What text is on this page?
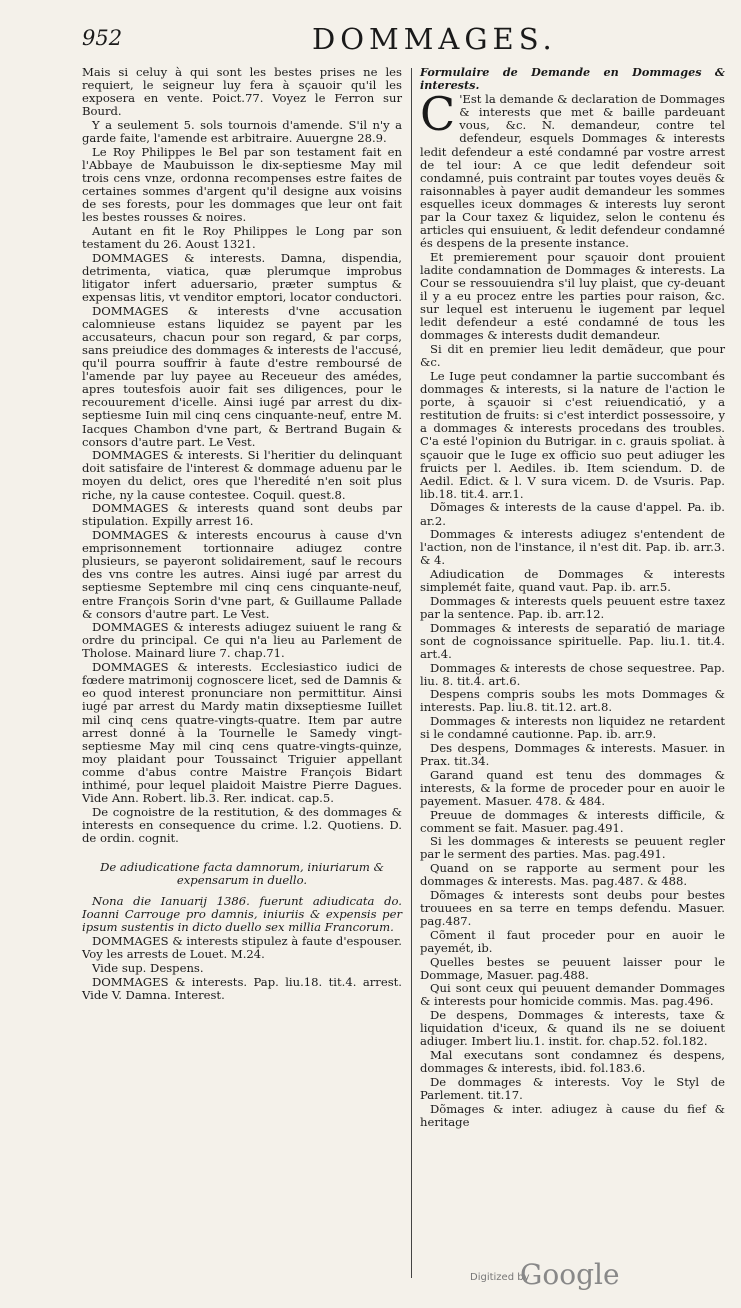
952	DOMMAGES.

Mais si celuy à qui sont les bestes prises ne les requiert, le seigneur luy fera à sçauoir qu'il les exposera en vente. Poict.77. Voyez le Ferron sur Bourd.

Y a seulement 5. sols tournois d'amende. S'il n'y a garde faite, l'amende est arbitraire. Auuergne 28.9.

Le Roy Philippes le Bel par son testament fait en l'Abbaye de Maubuisson le dix-septiesme May mil trois cens vnze, ordonna recompenses estre faites de certaines sommes d'argent qu'il designe aux voisins de ses forests, pour les dommages que leur ont fait les bestes rousses & noires.

Autant en fit le Roy Philippes le Long par son testament du 26. Aoust 1321.

DOMMAGES & interests. Damna, dispendia, detrimenta, viatica, quæ plerumque improbus litigator infert aduersario, præter sumptus & expensas litis, vt venditor emptori, locator conductori.

DOMMAGES & interests d'vne accusation calomnieuse estans liquidez se payent par les accusateurs, chacun pour son regard, & par corps, sans preiudice des dommages & interests de l'accusé, qu'il pourra souffrir à faute d'estre remboursé de l'amende par luy payee au Receueur des amédes, apres toutesfois auoir fait ses diligences, pour le recouurement d'icelle. Ainsi iugé par arrest du dix-septiesme Iuin mil cinq cens cinquante-neuf, entre M. Iacques Chambon d'vne part, & Bertrand Bugain & consors d'autre part. Le Vest.

DOMMAGES & interests. Si l'heritier du delinquant doit satisfaire de l'interest & dommage aduenu par le moyen du delict, ores que l'heredité n'en soit plus riche, ny la cause contestee. Coquil. quest.8.

DOMMAGES & interests quand sont deubs par stipulation. Expilly arrest 16.

DOMMAGES & interests encourus à cause d'vn emprisonnement tortionnaire adiugez contre plusieurs, se payeront solidairement, sauf le recours des vns contre les autres. Ainsi iugé par arrest du septiesme Septembre mil cinq cens cinquante-neuf, entre François Sorin d'vne part, & Guillaume Pallade & consors d'autre part. Le Vest.

DOMMAGES & interests adiugez suiuent le rang & ordre du principal. Ce qui n'a lieu au Parlement de Tholose. Mainard liure 7. chap.71.

DOMMAGES & interests. Ecclesiastico iudici de fœdere matrimonij cognoscere licet, sed de Damnis & eo quod interest pronunciare non permittitur. Ainsi iugé par arrest du Mardy matin dixseptiesme Iuillet mil cinq cens quatre-vingts-quatre. Item par autre arrest donné à la Tournelle le Samedy vingt-septiesme May mil cinq cens quatre-vingts-quinze, moy plaidant pour Toussainct Triguier appellant comme d'abus contre Maistre François Bidart inthimé, pour lequel plaidoit Maistre Pierre Dagues. Vide Ann. Robert. lib.3. Rer. indicat. cap.5.

De cognoistre de la restitution, & des dommages & interests en consequence du crime. l.2. Quotiens. D. de ordin. cognit.

De adiudicatione facta damnorum, iniuriarum & expensarum in duello.

Nona die Ianuarij 1386. fuerunt adiudicata do. Ioanni Carrouge pro damnis, iniuriis & expensis per ipsum sustentis in dicto duello sex millia Francorum.

DOMMAGES & interests stipulez à faute d'espouser. Voy les arrests de Louet. M.24.

Vide sup. Despens.

DOMMAGES & interests. Pap. liu.18. tit.4. arrest. Vide V. Damna. Interest.

Formulaire de Demande en Dommages & interests.

C 'Est la demande & declaration de Dommages & interests que met & baille pardeuant vous, &c. N. demandeur, contre tel defendeur, esquels Dommages & interests ledit defendeur a esté condamné par vostre arrest de tel iour: A ce que ledit defendeur soit condamné, puis contraint par toutes voyes deuës & raisonnables à payer audit demandeur les sommes esquelles iceux dommages & interests luy seront par la Cour taxez & liquidez, selon le contenu és articles qui ensuiuent, & ledit defendeur condamné és despens de la presente instance.

Et premierement pour sçauoir dont prouient ladite condamnation de Dommages & interests. La Cour se ressouuiendra s'il luy plaist, que cy-deuant il y a eu procez entre les parties pour raison, &c. sur lequel est interuenu le iugement par lequel ledit defendeur a esté condamné de tous les dommages & interests dudit demandeur.

Si dit en premier lieu ledit demãdeur, que pour &c.

Le Iuge peut condamner la partie succombant és dommages & interests, si la nature de l'action le porte, à sçauoir si c'est reiuendicatió, y a restitution de fruits: si c'est interdict possessoire, y a dommages & interests procedans des troubles. C'a esté l'opinion du Butrigar. in c. grauis spoliat. à sçauoir que le Iuge ex officio suo peut adiuger les fruicts per l. Aediles. ib. Item sciendum. D. de Aedil. Edict. & l. V sura vicem. D. de Vsuris. Pap. lib.18. tit.4. arr.1.

Dõmages & interests de la cause d'appel. Pa. ib. ar.2.

Dommages & interests adiugez s'entendent de l'action, non de l'instance, il n'est dit. Pap. ib. arr.3. & 4.

Adiudication de Dommages & interests simplemét faite, quand vaut. Pap. ib. arr.5.

Dommages & interests quels peuuent estre taxez par la sentence. Pap. ib. arr.12.

Dommages & interests de separatió de mariage sont de cognoissance spirituelle. Pap. liu.1. tit.4. art.4.

Dommages & interests de chose sequestree. Pap. liu. 8. tit.4. art.6.

Despens compris soubs les mots Dommages & interests. Pap. liu.8. tit.12. art.8.

Dommages & interests non liquidez ne retardent si le condamné cautionne. Pap. ib. arr.9.

Des despens, Dommages & interests. Masuer. in Prax. tit.34.

Garand quand est tenu des dommages & interests, & la forme de proceder pour en auoir le payement. Masuer. 478. & 484.

Preuue de dommages & interests difficile, & comment se fait. Masuer. pag.491.

Si les dommages & interests se peuuent regler par le serment des parties. Mas. pag.491.

Quand on se rapporte au serment pour les dommages & interests. Mas. pag.487. & 488.

Dõmages & interests sont deubs pour bestes trouuees en sa terre en temps defendu. Masuer. pag.487.

Cõment il faut proceder pour en auoir le payemét, ib.

Quelles bestes se peuuent laisser pour le Dommage, Masuer. pag.488.

Qui sont ceux qui peuuent demander Dommages & interests pour homicide commis. Mas. pag.496.

De despens, Dommages & interests, taxe & liquidation d'iceux, & quand ils ne se doiuent adiuger. Imbert liu.1. instit. for. chap.52. fol.182.

Mal executans sont condamnez és despens, dommages & interests, ibid. fol.183.6.

De dommages & interests. Voy le Styl de Parlement. tit.17.

Dõmages & inter. adiugez à cause du fief & heritage

Digitized by
Google
